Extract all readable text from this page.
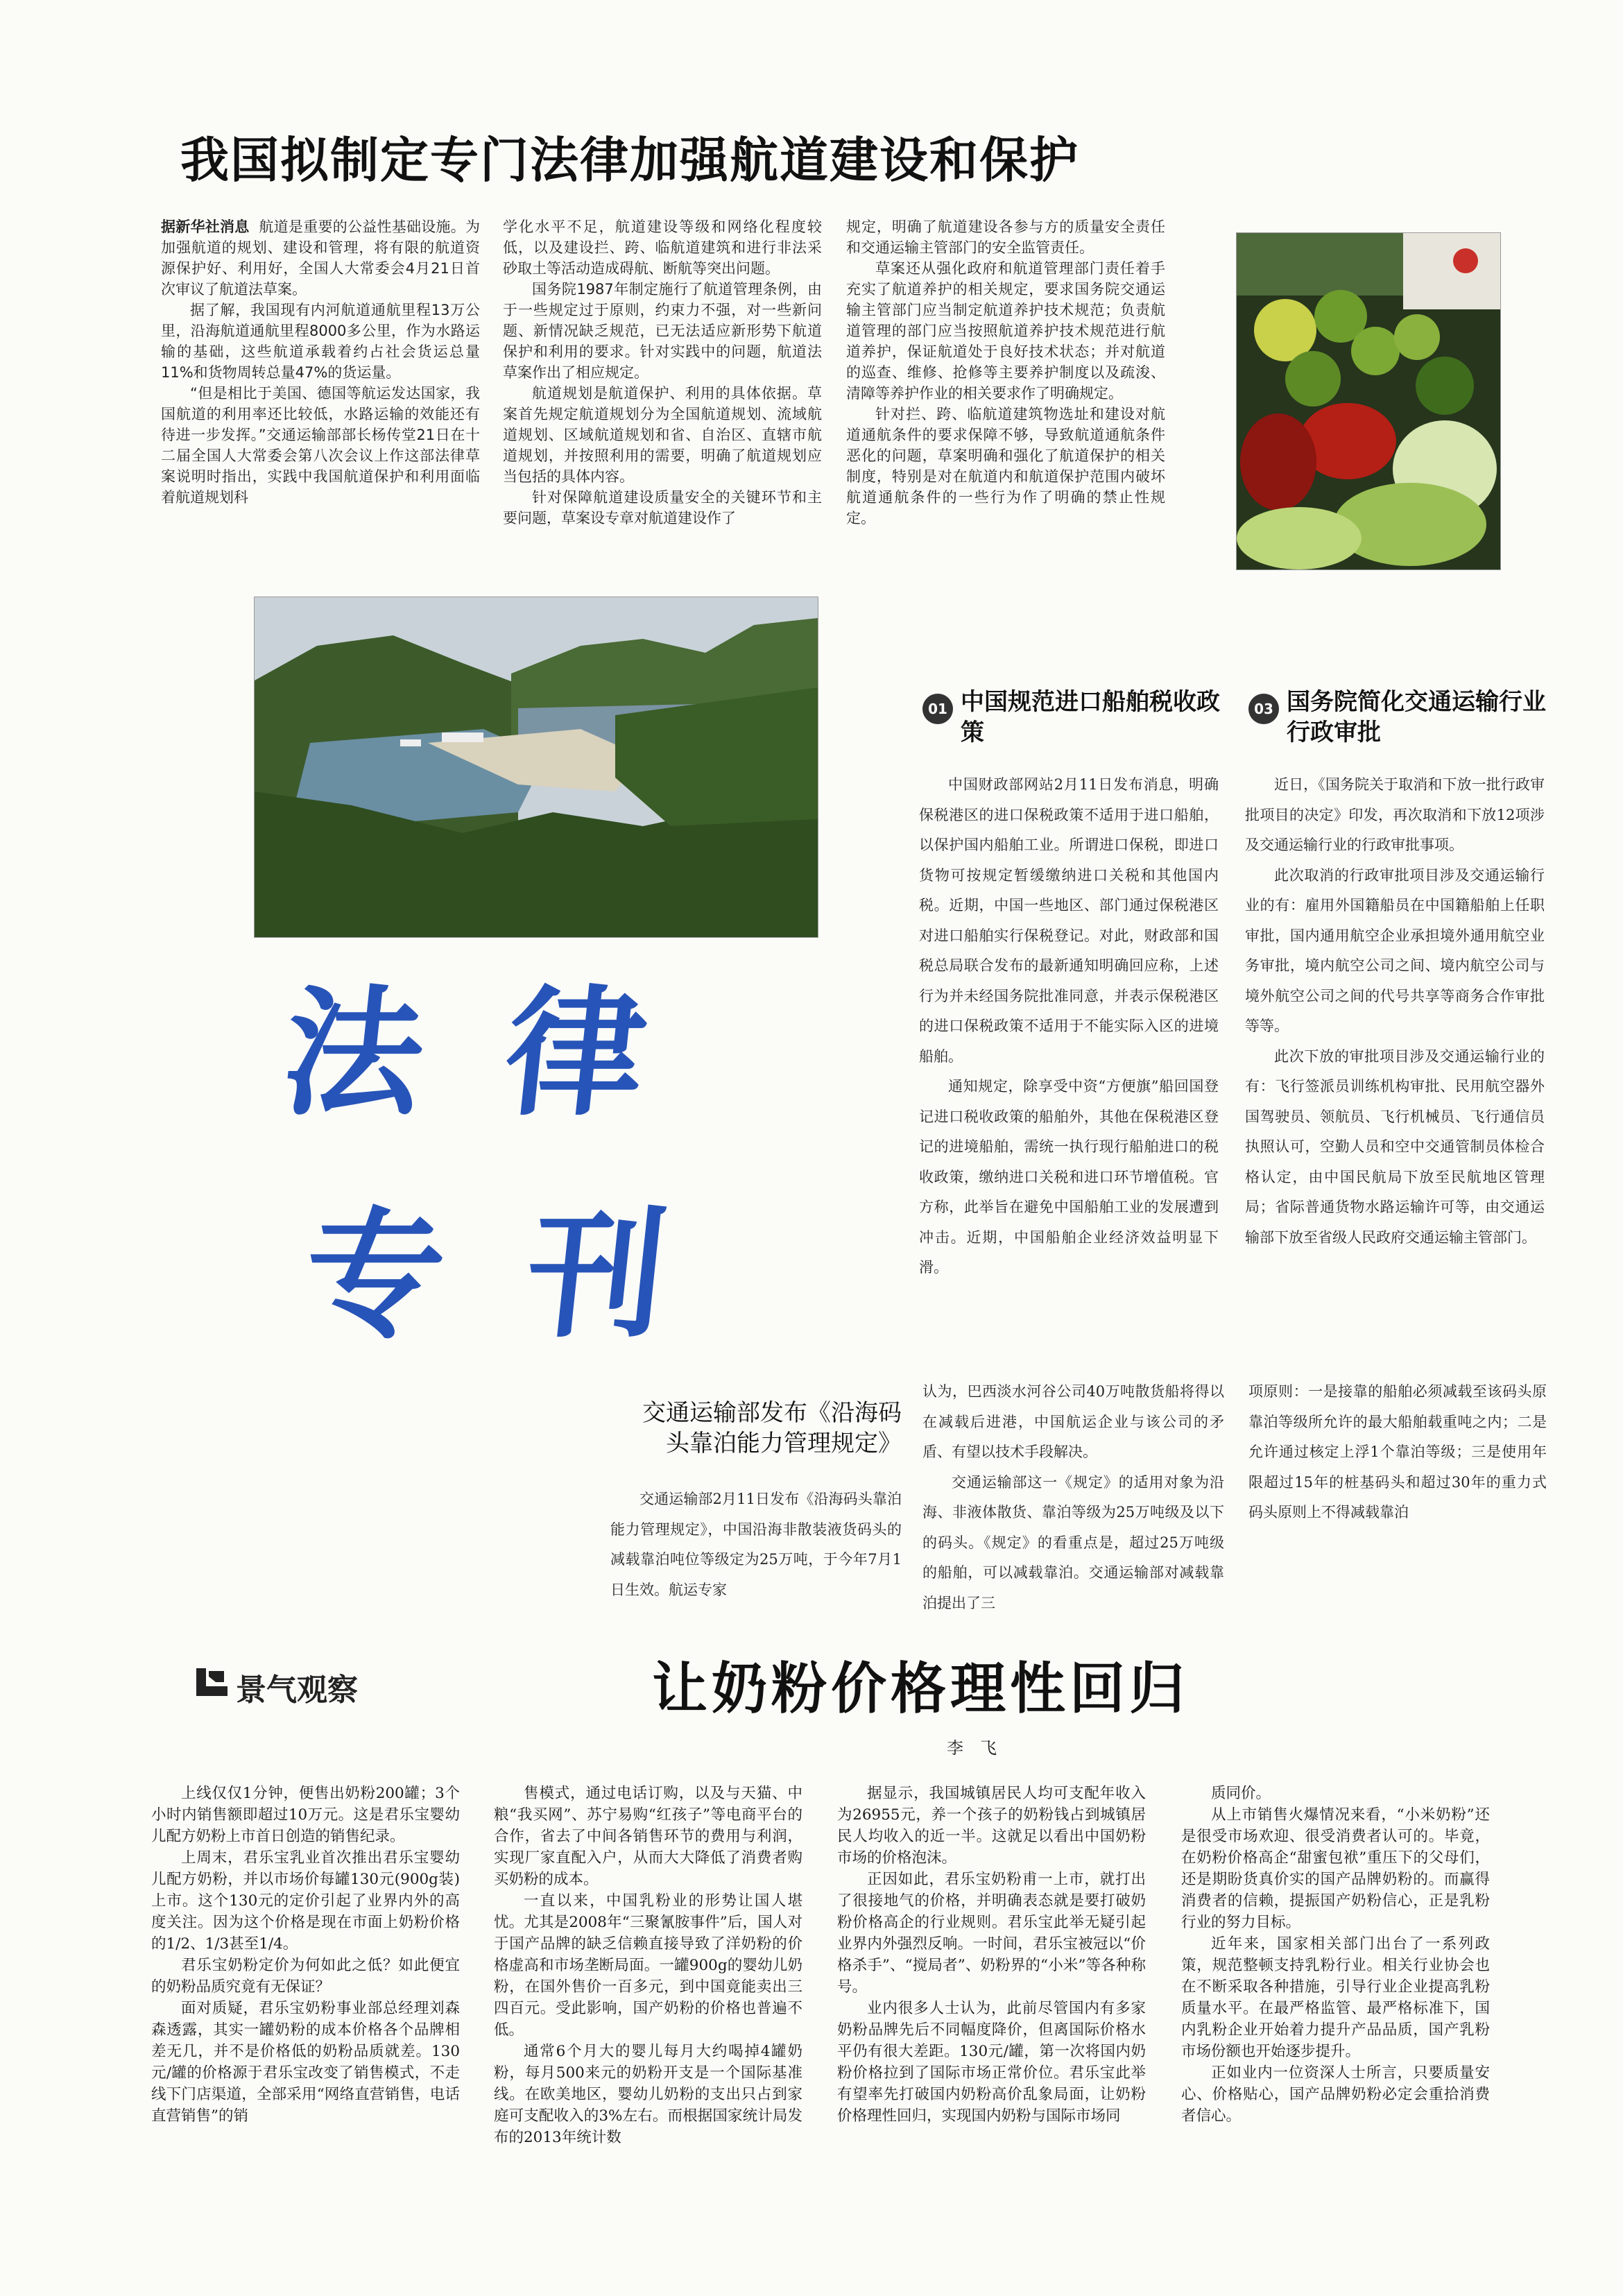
我国拟制定专门法律加强航道建设和保护

据新华社消息 航道是重要的公益性基础设施。为加强航道的规划、建设和管理，将有限的航道资源保护好、利用好，全国人大常委会4月21日首次审议了航道法草案。

据了解，我国现有内河航道通航里程13万公里，沿海航道通航里程8000多公里，作为水路运输的基础，这些航道承载着约占社会货运总量11%和货物周转总量47%的货运量。

“但是相比于美国、德国等航运发达国家，我国航道的利用率还比较低，水路运输的效能还有待进一步发挥。”交通运输部部长杨传堂21日在十二届全国人大常委会第八次会议上作这部法律草案说明时指出，实践中我国航道保护和利用面临着航道规划科

学化水平不足，航道建设等级和网络化程度较低，以及建设拦、跨、临航道建筑和进行非法采砂取土等活动造成碍航、断航等突出问题。

国务院1987年制定施行了航道管理条例，由于一些规定过于原则，约束力不强，对一些新问题、新情况缺乏规范，已无法适应新形势下航道保护和利用的要求。针对实践中的问题，航道法草案作出了相应规定。

航道规划是航道保护、利用的具体依据。草案首先规定航道规划分为全国航道规划、流域航道规划、区域航道规划和省、自治区、直辖市航道规划，并按照利用的需要，明确了航道规划应当包括的具体内容。

针对保障航道建设质量安全的关键环节和主要问题，草案设专章对航道建设作了

规定，明确了航道建设各参与方的质量安全责任和交通运输主管部门的安全监管责任。

草案还从强化政府和航道管理部门责任着手充实了航道养护的相关规定，要求国务院交通运输主管部门应当制定航道养护技术规范；负责航道管理的部门应当按照航道养护技术规范进行航道养护，保证航道处于良好技术状态；并对航道的巡查、维修、抢修等主要养护制度以及疏浚、清障等养护作业的相关要求作了明确规定。

针对拦、跨、临航道建筑物选址和建设对航道通航条件的要求保障不够，导致航道通航条件恶化的问题，草案明确和强化了航道保护的相关制度，特别是对在航道内和航道保护范围内破坏航道通航条件的一些行为作了明确的禁止性规定。

法律
专刊
01 中国规范进口船舶税收政策

中国财政部网站2月11日发布消息，明确保税港区的进口保税政策不适用于进口船舶，以保护国内船舶工业。所谓进口保税，即进口货物可按规定暂缓缴纳进口关税和其他国内税。近期，中国一些地区、部门通过保税港区对进口船舶实行保税登记。对此，财政部和国税总局联合发布的最新通知明确回应称，上述行为并未经国务院批准同意，并表示保税港区的进口保税政策不适用于不能实际入区的进境船舶。

通知规定，除享受中资“方便旗”船回国登记进口税收政策的船舶外，其他在保税港区登记的进境船舶，需统一执行现行船舶进口的税收政策，缴纳进口关税和进口环节增值税。官方称，此举旨在避免中国船舶工业的发展遭到冲击。近期，中国船舶企业经济效益明显下滑。

03 国务院简化交通运输行业行政审批

近日，《国务院关于取消和下放一批行政审批项目的决定》印发，再次取消和下放12项涉及交通运输行业的行政审批事项。

此次取消的行政审批项目涉及交通运输行业的有：雇用外国籍船员在中国籍船舶上任职审批，国内通用航空企业承担境外通用航空业务审批，境内航空公司之间、境内航空公司与境外航空公司之间的代号共享等商务合作审批等等。

此次下放的审批项目涉及交通运输行业的有：飞行签派员训练机构审批、民用航空器外国驾驶员、领航员、飞行机械员、飞行通信员执照认可，空勤人员和空中交通管制员体检合格认定，由中国民航局下放至民航地区管理局；省际普通货物水路运输许可等，由交通运输部下放至省级人民政府交通运输主管部门。

交通运输部发布《沿海码头靠泊能力管理规定》

交通运输部2月11日发布《沿海码头靠泊能力管理规定》，中国沿海非散装液货码头的减载靠泊吨位等级定为25万吨，于今年7月1日生效。航运专家

认为，巴西淡水河谷公司40万吨散货船将得以在减载后进港，中国航运企业与该公司的矛盾、有望以技术手段解决。

交通运输部这一《规定》的适用对象为沿海、非液体散货、靠泊等级为25万吨级及以下的码头。《规定》的看重点是，超过25万吨级的船舶，可以减载靠泊。交通运输部对减载靠泊提出了三

项原则：一是接靠的船舶必须减载至该码头原靠泊等级所允许的最大船舶载重吨之内；二是允许通过核定上浮1个靠泊等级；三是使用年限超过15年的桩基码头和超过30年的重力式码头原则上不得减载靠泊

景气观察	让奶粉价格理性回归
李　飞

上线仅仅1分钟，便售出奶粉200罐；3个小时内销售额即超过10万元。这是君乐宝婴幼儿配方奶粉上市首日创造的销售纪录。

上周末，君乐宝乳业首次推出君乐宝婴幼儿配方奶粉，并以市场价每罐130元(900g装)上市。这个130元的定价引起了业界内外的高度关注。因为这个价格是现在市面上奶粉价格的1/2、1/3甚至1/4。

君乐宝奶粉定价为何如此之低？如此便宜的奶粉品质究竟有无保证？

面对质疑，君乐宝奶粉事业部总经理刘森森透露，其实一罐奶粉的成本价格各个品牌相差无几，并不是价格低的奶粉品质就差。130元/罐的价格源于君乐宝改变了销售模式，不走线下门店渠道，全部采用“网络直营销售，电话直营销售”的销

售模式，通过电话订购，以及与天猫、中粮“我买网”、苏宁易购“红孩子”等电商平台的合作，省去了中间各销售环节的费用与利润，实现厂家直配入户，从而大大降低了消费者购买奶粉的成本。

一直以来，中国乳粉业的形势让国人堪忧。尤其是2008年“三聚氰胺事件”后，国人对于国产品牌的缺乏信赖直接导致了洋奶粉的价格虚高和市场垄断局面。一罐900g的婴幼儿奶粉，在国外售价一百多元，到中国竟能卖出三四百元。受此影响，国产奶粉的价格也普遍不低。

通常6个月大的婴儿每月大约喝掉4罐奶粉，每月500来元的奶粉开支是一个国际基准线。在欧美地区，婴幼儿奶粉的支出只占到家庭可支配收入的3%左右。而根据国家统计局发布的2013年统计数

据显示，我国城镇居民人均可支配年收入为26955元，养一个孩子的奶粉钱占到城镇居民人均收入的近一半。这就足以看出中国奶粉市场的价格泡沫。

正因如此，君乐宝奶粉甫一上市，就打出了很接地气的价格，并明确表态就是要打破奶粉价格高企的行业规则。君乐宝此举无疑引起业界内外强烈反响。一时间，君乐宝被冠以“价格杀手”、“搅局者”、奶粉界的“小米”等各种称号。

业内很多人士认为，此前尽管国内有多家奶粉品牌先后不同幅度降价，但离国际价格水平仍有很大差距。130元/罐，第一次将国内奶粉价格拉到了国际市场正常价位。君乐宝此举有望率先打破国内奶粉高价乱象局面，让奶粉价格理性回归，实现国内奶粉与国际市场同

质同价。

从上市销售火爆情况来看，“小米奶粉”还是很受市场欢迎、很受消费者认可的。毕竟，在奶粉价格高企“甜蜜包袱”重压下的父母们，还是期盼货真价实的国产品牌奶粉的。而赢得消费者的信赖，提振国产奶粉信心，正是乳粉行业的努力目标。

近年来，国家相关部门出台了一系列政策，规范整顿支持乳粉行业。相关行业协会也在不断采取各种措施，引导行业企业提高乳粉质量水平。在最严格监管、最严格标准下，国内乳粉企业开始着力提升产品品质，国产乳粉市场份额也开始逐步提升。

正如业内一位资深人士所言，只要质量安心、价格贴心，国产品牌奶粉必定会重拾消费者信心。
